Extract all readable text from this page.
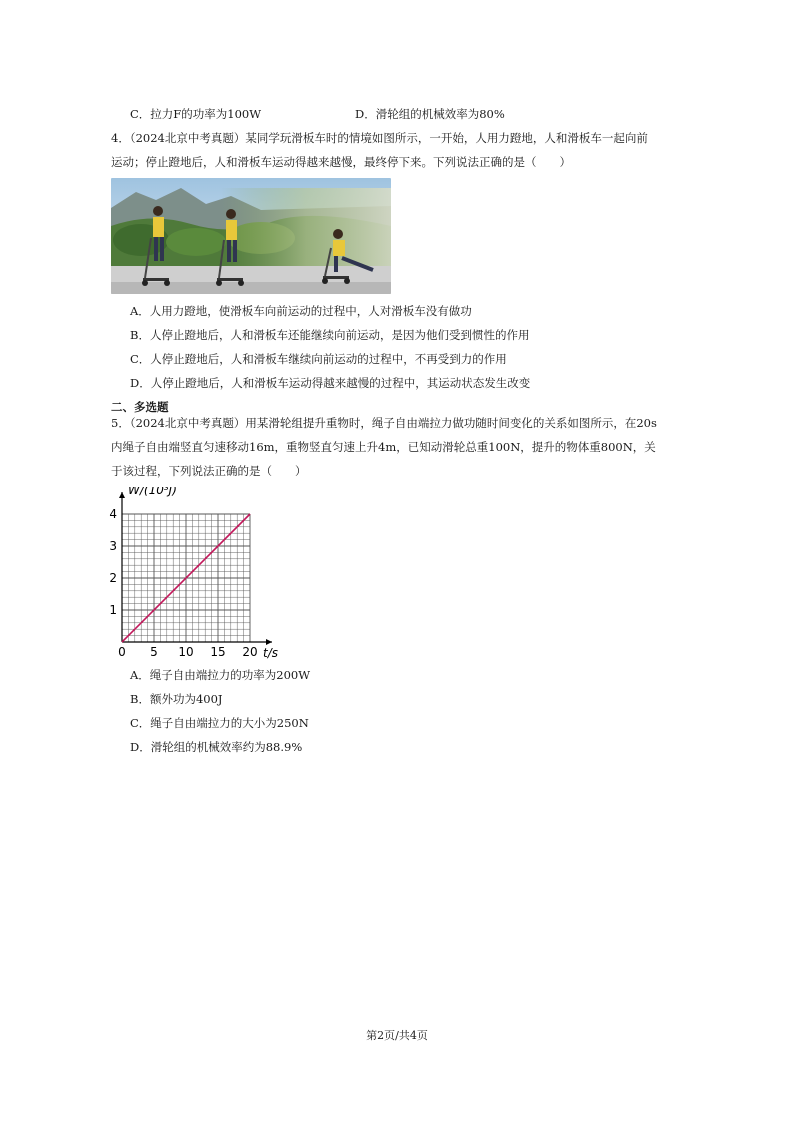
C．拉力F的功率为100W	D．滑轮组的机械效率为80%
4．（2024北京中考真题）某同学玩滑板车时的情境如图所示，一开始，人用力蹬地，人和滑板车一起向前
运动；停止蹬地后，人和滑板车运动得越来越慢，最终停下来。下列说法正确的是（　　）
A．人用力蹬地，使滑板车向前运动的过程中，人对滑板车没有做功
B．人停止蹬地后，人和滑板车还能继续向前运动，是因为他们受到惯性的作用
C．人停止蹬地后，人和滑板车继续向前运动的过程中，不再受到力的作用
D．人停止蹬地后，人和滑板车运动得越来越慢的过程中，其运动状态发生改变
二、多选题
5．（2024北京中考真题）用某滑轮组提升重物时，绳子自由端拉力做功随时间变化的关系如图所示，在20s
内绳子自由端竖直匀速移动16m，重物竖直匀速上升4m，已知动滑轮总重100N，提升的物体重800N，关
于该过程，下列说法正确的是（　　）
0 5 10 15 20
1
2
3
4
t/s
W/(10³J)
A．绳子自由端拉力的功率为200W
B．额外功为400J
C．绳子自由端拉力的大小为250N
D．滑轮组的机械效率约为88.9%
第2页/共4页
